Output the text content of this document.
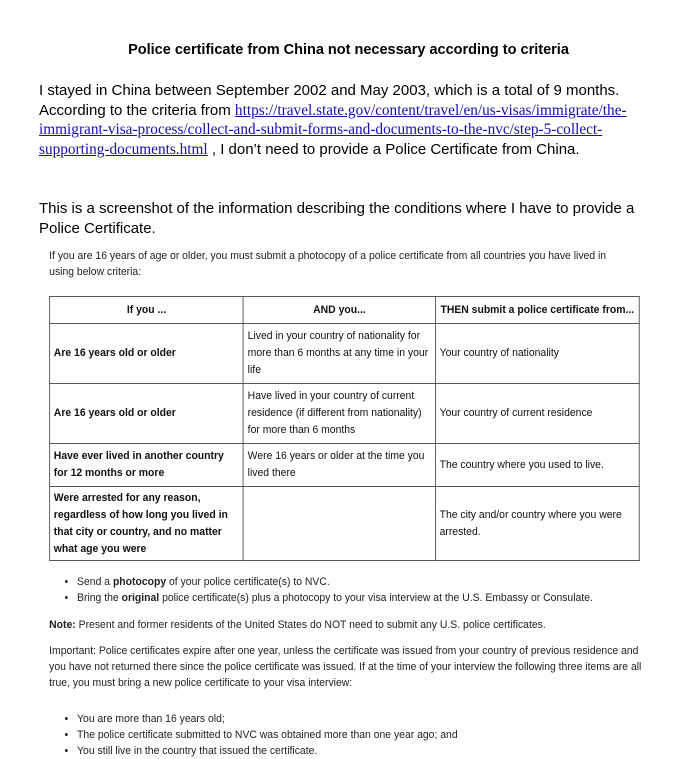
Police certificate from China not necessary according to criteria
I stayed in China between September 2002 and May 2003, which is a total of 9 months. According to the criteria from https://travel.state.gov/content/travel/en/us-visas/immigrate/the-immigrant-visa-process/collect-and-submit-forms-and-documents-to-the-nvc/step-5-collect-supporting-documents.html , I don’t need to provide a Police Certificate from China.
This is a screenshot of the information describing the conditions where I have to provide a Police Certificate.
If you are 16 years of age or older, you must submit a photocopy of a police certificate from all countries you have lived in using below criteria:
If you ...	AND you...	THEN submit a police certificate from...
Are 16 years old or older	Lived in your country of nationality for more than 6 months at any time in your life	Your country of nationality
Are 16 years old or older	Have lived in your country of current residence (if different from nationality) for more than 6 months	Your country of current residence
Have ever lived in another country for 12 months or more	Were 16 years or older at the time you lived there	The country where you used to live.
Were arrested for any reason, regardless of how long you lived in that city or country, and no matter what age you were		The city and/or country where you were arrested.
• Send a photocopy of your police certificate(s) to NVC.
• Bring the original police certificate(s) plus a photocopy to your visa interview at the U.S. Embassy or Consulate.
Note: Present and former residents of the United States do NOT need to submit any U.S. police certificates.
Important: Police certificates expire after one year, unless the certificate was issued from your country of previous residence and you have not returned there since the police certificate was issued. If at the time of your interview the following three items are all true, you must bring a new police certificate to your visa interview:
• You are more than 16 years old;
• The police certificate submitted to NVC was obtained more than one year ago; and
• You still live in the country that issued the certificate.
